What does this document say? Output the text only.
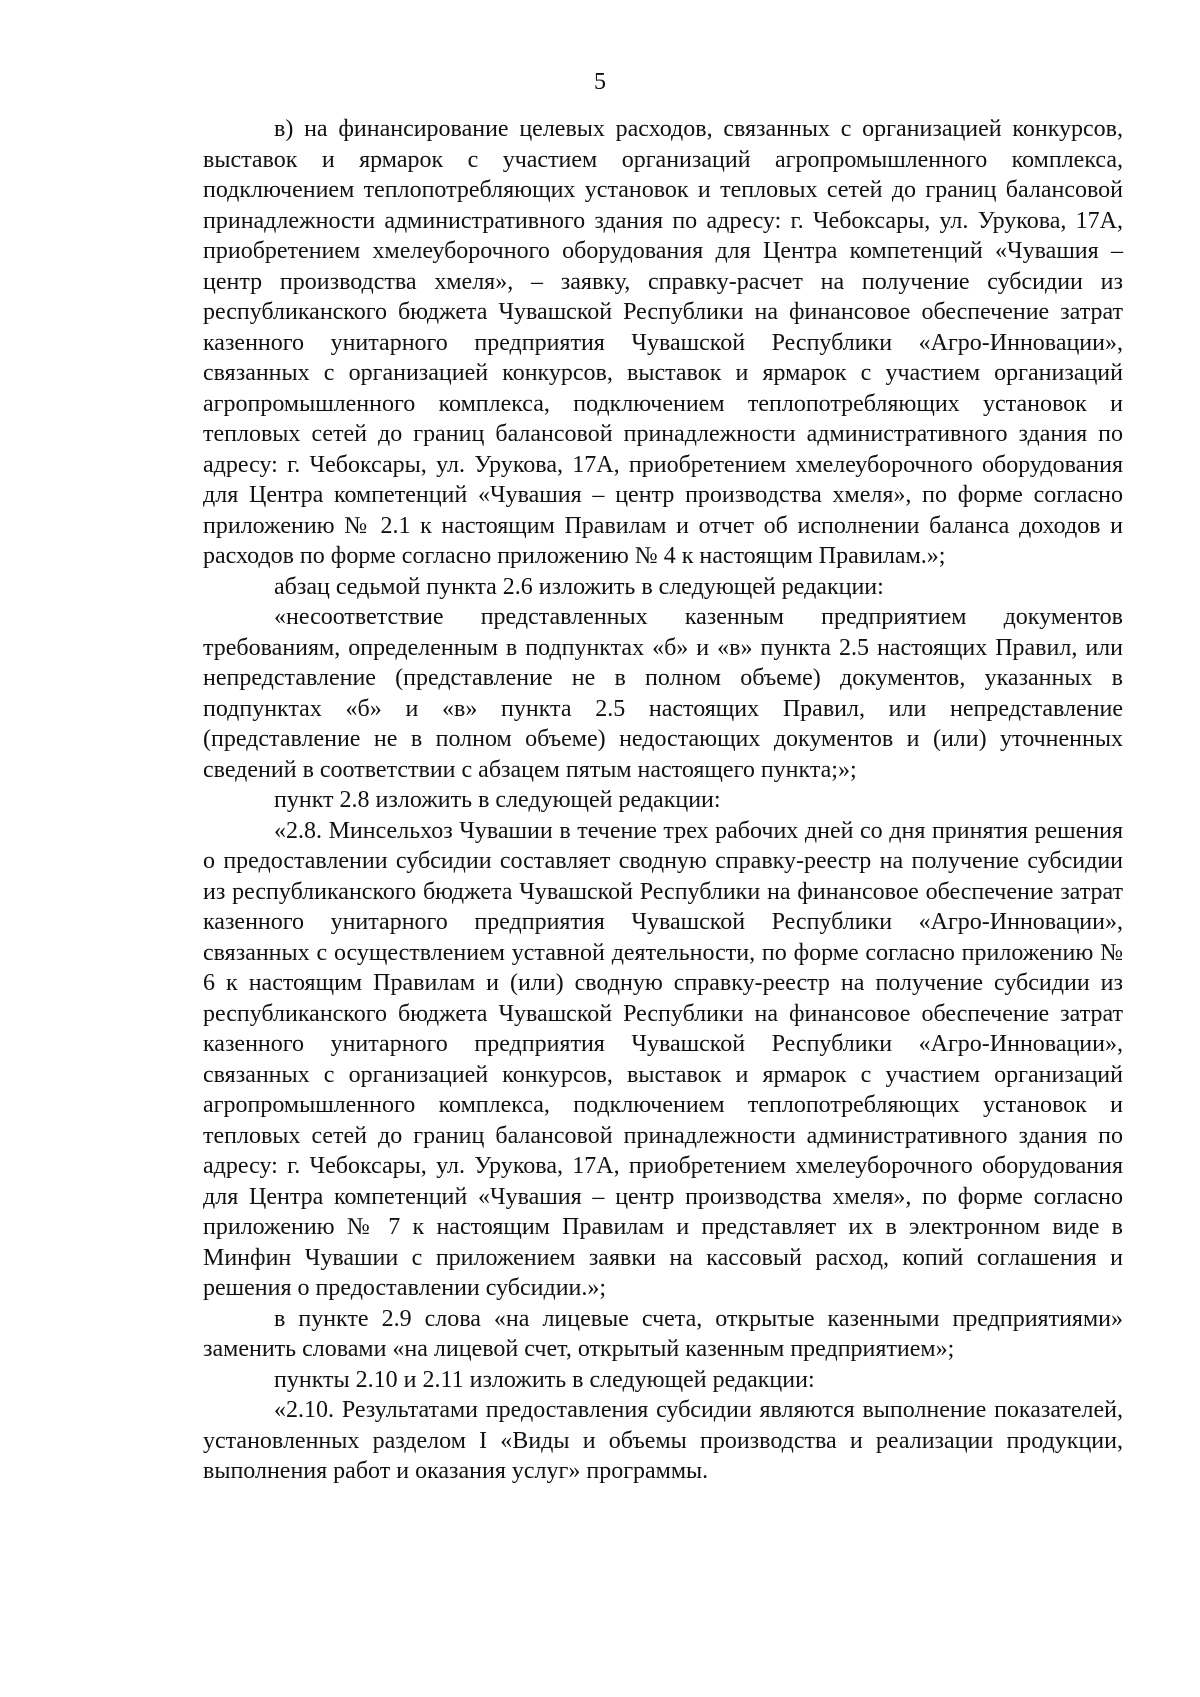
5

в) на финансирование целевых расходов, связанных с организацией конкурсов, выставок и ярмарок с участием организаций агропромышленного комплекса, подключением теплопотребляющих установок и тепловых сетей до границ балансовой принадлежности административного здания по адресу: г. Чебоксары, ул. Урукова, 17А, приобретением хмелеуборочного оборудования для Центра компетенций «Чувашия – центр производства хмеля», – заявку, справку-расчет на получение субсидии из республиканского бюджета Чувашской Республики на финансовое обеспечение затрат казенного унитарного предприятия Чувашской Республики «Агро-Инновации», связанных с организацией конкурсов, выставок и ярмарок с участием организаций агропромышленного комплекса, подключением теплопотребляющих установок и тепловых сетей до границ балансовой принадлежности административного здания по адресу: г. Чебоксары, ул. Урукова, 17А, приобретением хмелеуборочного оборудования для Центра компетенций «Чувашия – центр производства хмеля», по форме согласно приложению № 2.1 к настоящим Правилам и отчет об исполнении баланса доходов и расходов по форме согласно приложению № 4 к настоящим Правилам.»;

абзац седьмой пункта 2.6 изложить в следующей редакции:

«несоответствие представленных казенным предприятием документов требованиям, определенным в подпунктах «б» и «в» пункта 2.5 настоящих Правил, или непредставление (представление не в полном объеме) документов, указанных в подпунктах «б» и «в» пункта 2.5 настоящих Правил, или непредставление (представление не в полном объеме) недостающих документов и (или) уточненных сведений в соответствии с абзацем пятым настоящего пункта;»;

пункт 2.8 изложить в следующей редакции:

«2.8. Минсельхоз Чувашии в течение трех рабочих дней со дня принятия решения о предоставлении субсидии составляет сводную справку-реестр на получение субсидии из республиканского бюджета Чувашской Республики на финансовое обеспечение затрат казенного унитарного предприятия Чувашской Республики «Агро-Инновации», связанных с осуществлением уставной деятельности, по форме согласно приложению № 6 к настоящим Правилам и (или) сводную справку-реестр на получение субсидии из республиканского бюджета Чувашской Республики на финансовое обеспечение затрат казенного унитарного предприятия Чувашской Республики «Агро-Инновации», связанных с организацией конкурсов, выставок и ярмарок с участием организаций агропромышленного комплекса, подключением теплопотребляющих установок и тепловых сетей до границ балансовой принадлежности административного здания по адресу: г. Чебоксары, ул. Урукова, 17А, приобретением хмелеуборочного оборудования для Центра компетенций «Чувашия – центр производства хмеля», по форме согласно приложению № 7 к настоящим Правилам и представляет их в электронном виде в Минфин Чувашии с приложением заявки на кассовый расход, копий соглашения и решения о предоставлении субсидии.»;

в пункте 2.9 слова «на лицевые счета, открытые казенными предприятиями» заменить словами «на лицевой счет, открытый казенным предприятием»;

пункты 2.10 и 2.11 изложить в следующей редакции:

«2.10. Результатами предоставления субсидии являются выполнение показателей, установленных разделом I «Виды и объемы производства и реализации продукции, выполнения работ и оказания услуг» программы.
